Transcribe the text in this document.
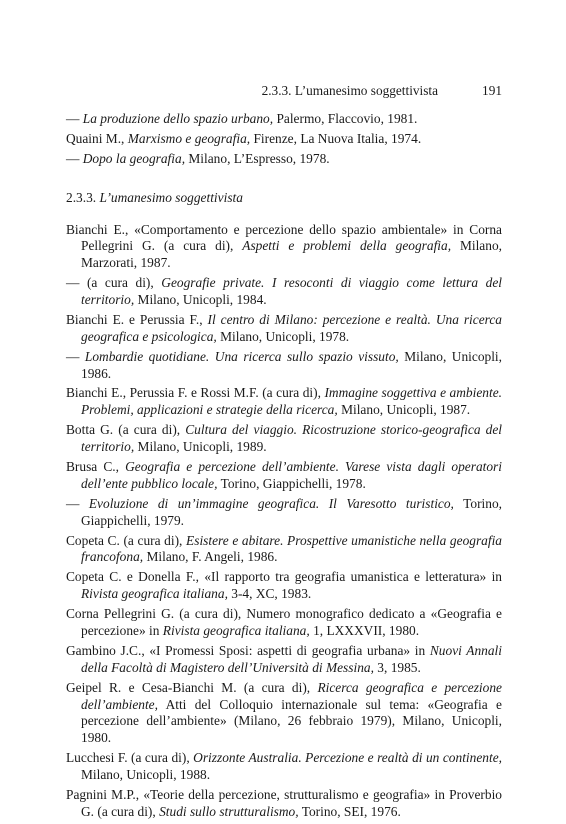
2.3.3. L’umanesimo soggettivista	191

— La produzione dello spazio urbano, Palermo, Flaccovio, 1981.

Quaini M., Marxismo e geografia, Firenze, La Nuova Italia, 1974.

— Dopo la geografia, Milano, L’Espresso, 1978.

2.3.3. L’umanesimo soggettivista

Bianchi E., «Comportamento e percezione dello spazio ambientale» in Corna Pellegrini G. (a cura di), Aspetti e problemi della geografia, Milano, Marzorati, 1987.

— (a cura di), Geografie private. I resoconti di viaggio come lettura del territorio, Milano, Unicopli, 1984.

Bianchi E. e Perussia F., Il centro di Milano: percezione e realtà. Una ricerca geografica e psicologica, Milano, Unicopli, 1978.

— Lombardie quotidiane. Una ricerca sullo spazio vissuto, Milano, Unicopli, 1986.

Bianchi E., Perussia F. e Rossi M.F. (a cura di), Immagine soggettiva e ambiente. Problemi, applicazioni e strategie della ricerca, Milano, Unicopli, 1987.

Botta G. (a cura di), Cultura del viaggio. Ricostruzione storico-geografica del territorio, Milano, Unicopli, 1989.

Brusa C., Geografia e percezione dell’ambiente. Varese vista dagli operatori dell’ente pubblico locale, Torino, Giappichelli, 1978.

— Evoluzione di un’immagine geografica. Il Varesotto turistico, Torino, Giappichelli, 1979.

Copeta C. (a cura di), Esistere e abitare. Prospettive umanistiche nella geografia francofona, Milano, F. Angeli, 1986.

Copeta C. e Donella F., «Il rapporto tra geografia umanistica e letteratura» in Rivista geografica italiana, 3-4, XC, 1983.

Corna Pellegrini G. (a cura di), Numero monografico dedicato a «Geografia e percezione» in Rivista geografica italiana, 1, LXXXVII, 1980.

Gambino J.C., «I Promessi Sposi: aspetti di geografia urbana» in Nuovi Annali della Facoltà di Magistero dell’Università di Messina, 3, 1985.

Geipel R. e Cesa-Bianchi M. (a cura di), Ricerca geografica e percezione dell’ambiente, Atti del Colloquio internazionale sul tema: «Geografia e percezione dell’ambiente» (Milano, 26 febbraio 1979), Milano, Unicopli, 1980.

Lucchesi F. (a cura di), Orizzonte Australia. Percezione e realtà di un continente, Milano, Unicopli, 1988.

Pagnini M.P., «Teorie della percezione, strutturalismo e geografia» in Proverbio G. (a cura di), Studi sullo strutturalismo, Torino, SEI, 1976.
